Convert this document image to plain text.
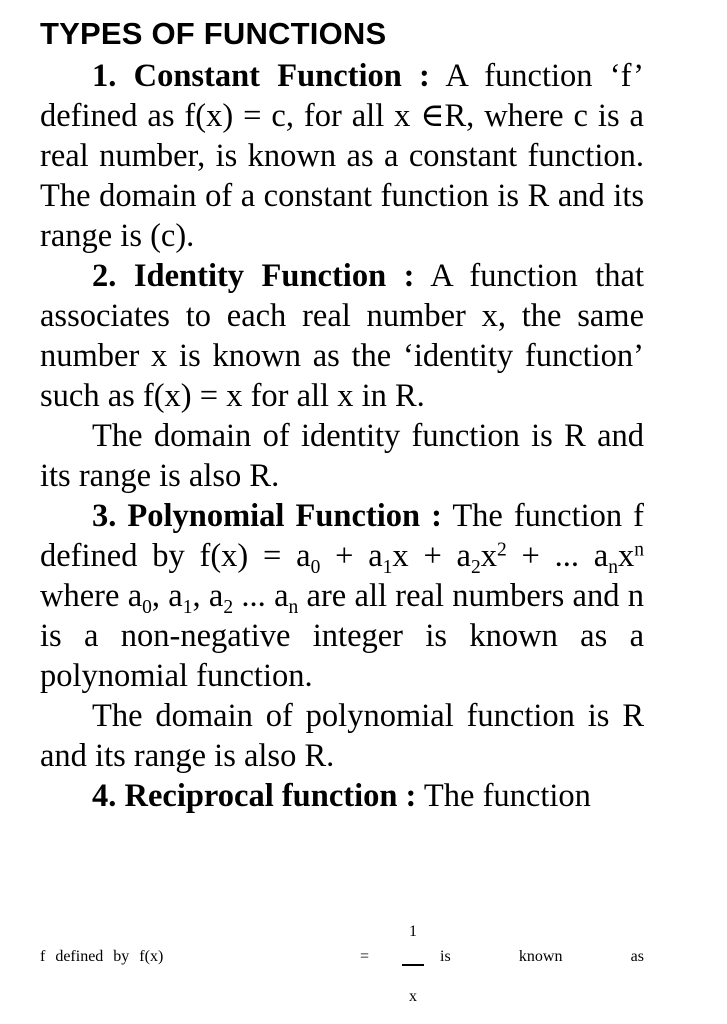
TYPES OF FUNCTIONS

1. Constant Function : A function ‘f’ defined as f(x) = c, for all x ∈R, where c is a real number, is known as a constant function. The domain of a constant function is R and its range is (c).

2. Identity Function : A function that associates to each real number x, the same number x is known as the ‘identity function’ such as f(x) = x for all x in R.

The domain of identity function is R and its range is also R.

3. Polynomial Function : The function f defined by $f(x) = a_0 + a_1x + a_2x^2$ + ... $a_nx^n$ where $a_0$, $a_1$, $a_2$ ... $a_n$ are all real numbers and n is a non-negative integer is known as a polynomial function.

The domain of polynomial function is R and its range is also R.

4. Reciprocal function : The function

f defined by f(x)	=
1
x
is known as
